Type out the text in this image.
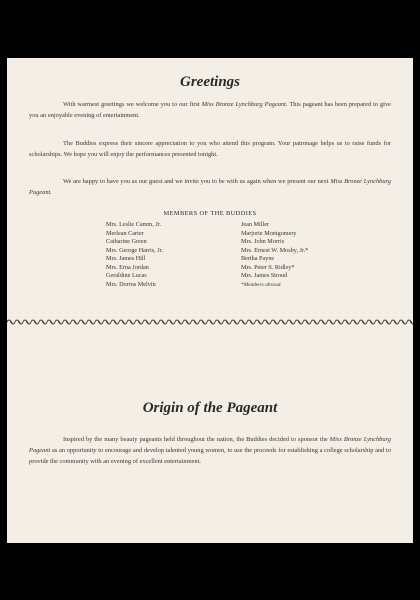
Greetings
With warmest greetings we welcome you to our first Miss Bronze Lynchburg Pageant. This pageant has been prepared to give you an enjoyable evening of entertainment.
The Buddies express their sincere appreciation to you who attend this program. Your patronage helps us to raise funds for scholarships. We hope you will enjoy the performances presented tonight.
We are happy to have you as our guest and we invite you to be with us again when we present our next Miss Bronze Lynchburg Pageant.
MEMBERS OF THE BUDDIES
Mrs. Leslie Camm, Jr.
Merlean Carter
Catharine Green
Mrs. George Harris, Jr.
Mrs. James Hill
Mrs. Erna Jordan
Geraldine Lucas
Mrs. Dorrus Melvin
Jean Miller
Marjorie Montgomery
Mrs. John Morris
Mrs. Ernest W. Mosby, Jr.*
Bertha Payne
Mrs. Peter S. Ridley*
Mrs. James Stroud
*Members abroad.
Origin of the Pageant
Inspired by the many beauty pageants held throughout the nation, the Buddies decided to sponsor the Miss Bronze Lynchburg Pageant as an opportunity to encourage and develop talented young women, to use the proceeds for establishing a college scholarship and to provide the community with an evening of excellent entertainment.
